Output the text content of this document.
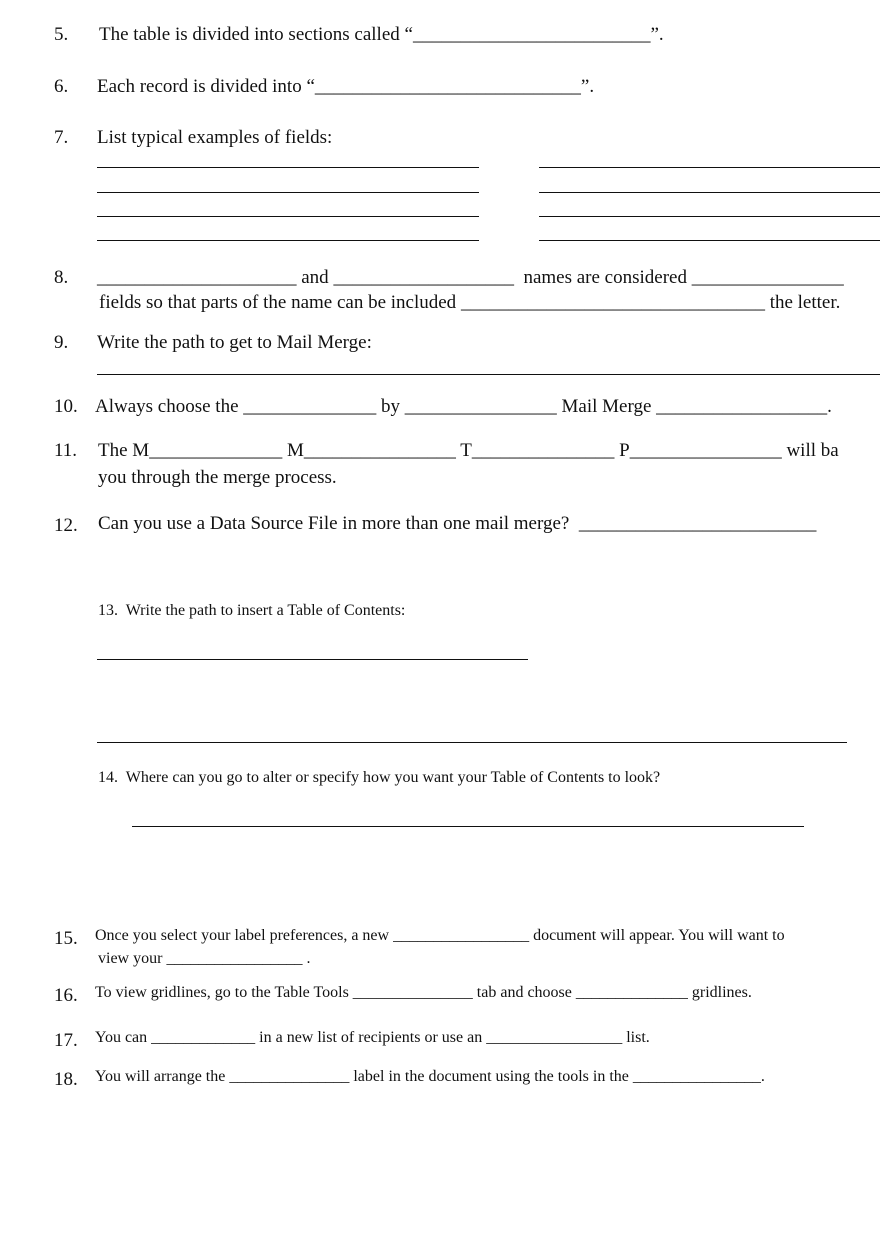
5. The table is divided into sections called “_________________________”.
6. Each record is divided into “____________________________”.
7. List typical examples of fields:
8. _____________________ and ___________________ names are considered ________________
fields so that parts of the name can be included ________________________________ the letter.
9. Write the path to get to Mail Merge:
10. Always choose the ______________ by ________________ Mail Merge __________________.
11. The M______________ M________________ T_______________ P________________ will ba
you through the merge process.
12. Can you use a Data Source File in more than one mail merge? _________________________
13.  Write the path to insert a Table of Contents:
14.  Where can you go to alter or specify how you want your Table of Contents to look?
15. Once you select your label preferences, a new _________________ document will appear. You will want to
view your _________________ .
16. To view gridlines, go to the Table Tools _______________ tab and choose ______________ gridlines.
17. You can _____________ in a new list of recipients or use an _________________ list.
18. You will arrange the _______________ label in the document using the tools in the ________________.
